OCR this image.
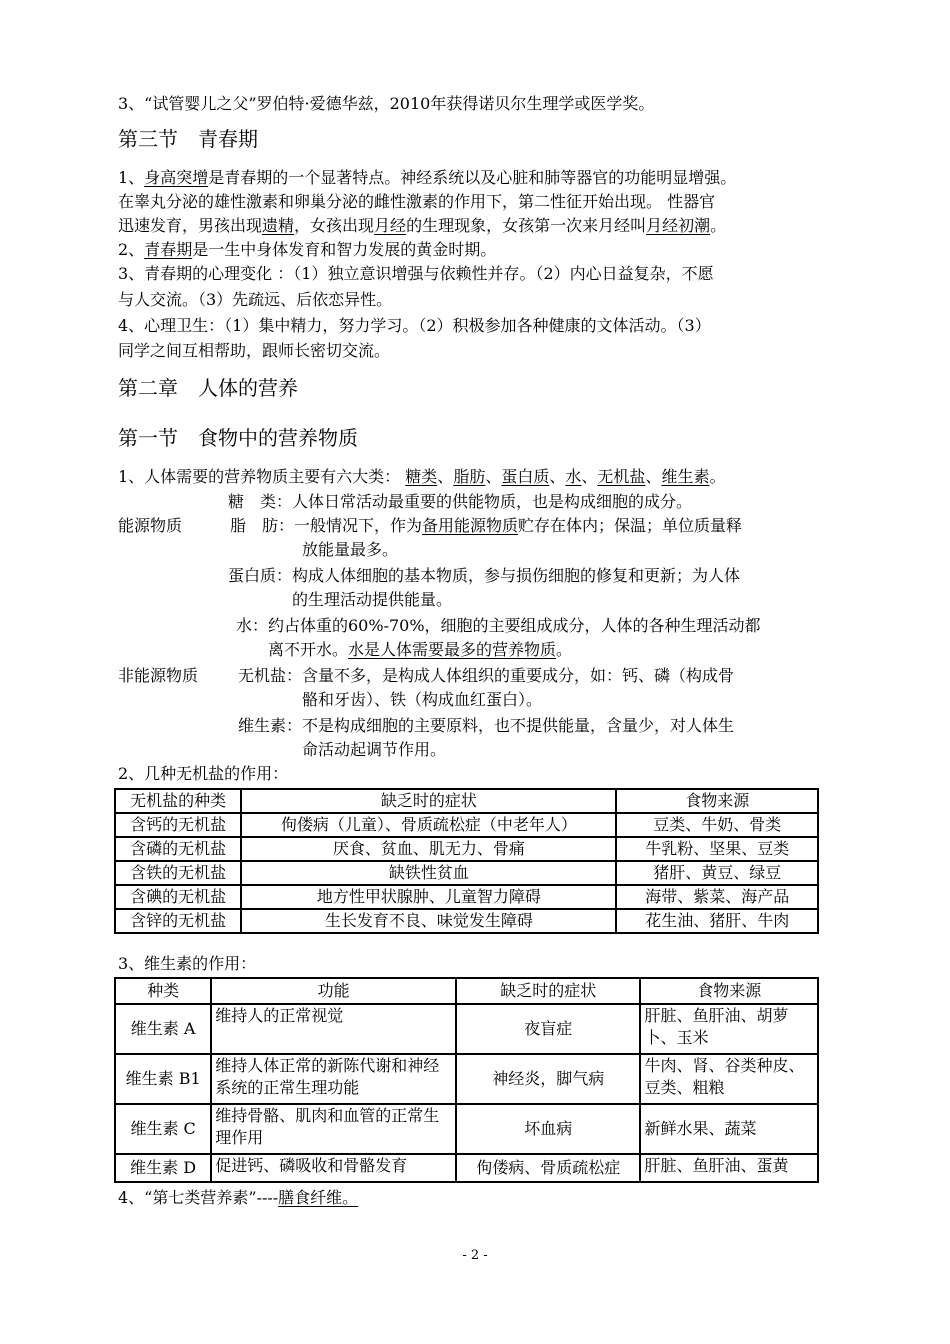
3、“试管婴儿之父”罗伯特·爱德华兹，2010年获得诺贝尔生理学或医学奖。
第三节　青春期
1、身高突增是青春期的一个显著特点。神经系统以及心脏和肺等器官的功能明显增强。
在睾丸分泌的雄性激素和卵巢分泌的雌性激素的作用下，第二性征开始出现。 性器官
迅速发育，男孩出现遗精，女孩出现月经的生理现象，女孩第一次来月经叫月经初潮。
2、青春期是一生中身体发育和智力发展的黄金时期。
3、青春期的心理变化 ：（1）独立意识增强与依赖性并存。（2）内心日益复杂，不愿
与人交流。（3）先疏远、后依恋异性。
4、心理卫生：（1）集中精力，努力学习。（2）积极参加各种健康的文体活动。（3）
同学之间互相帮助，跟师长密切交流。
第二章　人体的营养
第一节　食物中的营养物质
1、人体需要的营养物质主要有六大类： 糖类、脂肪、蛋白质、水、无机盐、维生素。
糖　类：人体日常活动最重要的供能物质，也是构成细胞的成分。
能源物质	脂　肪：一般情况下，作为备用能源物质贮存在体内；保温；单位质量释
放能量最多。
蛋白质：构成人体细胞的基本物质，参与损伤细胞的修复和更新；为人体
的生理活动提供能量。
水：约占体重的60%-70%，细胞的主要组成成分，人体的各种生理活动都
离不开水。水是人体需要最多的营养物质。
非能源物质 无机盐：含量不多，是构成人体组织的重要成分，如：钙、磷（构成骨
骼和牙齿）、铁（构成血红蛋白）。
维生素：不是构成细胞的主要原料，也不提供能量，含量少，对人体生
命活动起调节作用。
2、几种无机盐的作用：
无机盐的种类	缺乏时的症状	食物来源
含钙的无机盐	佝偻病（儿童）、骨质疏松症（中老年人）	豆类、牛奶、骨类
含磷的无机盐	厌食、贫血、肌无力、骨痛	牛乳粉、坚果、豆类
含铁的无机盐	缺铁性贫血	猪肝、黄豆、绿豆
含碘的无机盐	地方性甲状腺肿、儿童智力障碍	海带、紫菜、海产品
含锌的无机盐	生长发育不良、味觉发生障碍	花生油、猪肝、牛肉
3、维生素的作用：
种类	功能	缺乏时的症状	食物来源
维生素 A	维持人的正常视觉	夜盲症	肝脏、鱼肝油、胡萝卜、玉米
维生素 B1	维持人体正常的新陈代谢和神经系统的正常生理功能	神经炎，脚气病	牛肉、肾、谷类种皮、豆类、粗粮
维生素 C	维持骨骼、肌肉和血管的正常生理作用	坏血病	新鲜水果、蔬菜
维生素 D	促进钙、磷吸收和骨骼发育	佝偻病、骨质疏松症	肝脏、鱼肝油、蛋黄
4、“第七类营养素”----膳食纤维。
- 2 -
